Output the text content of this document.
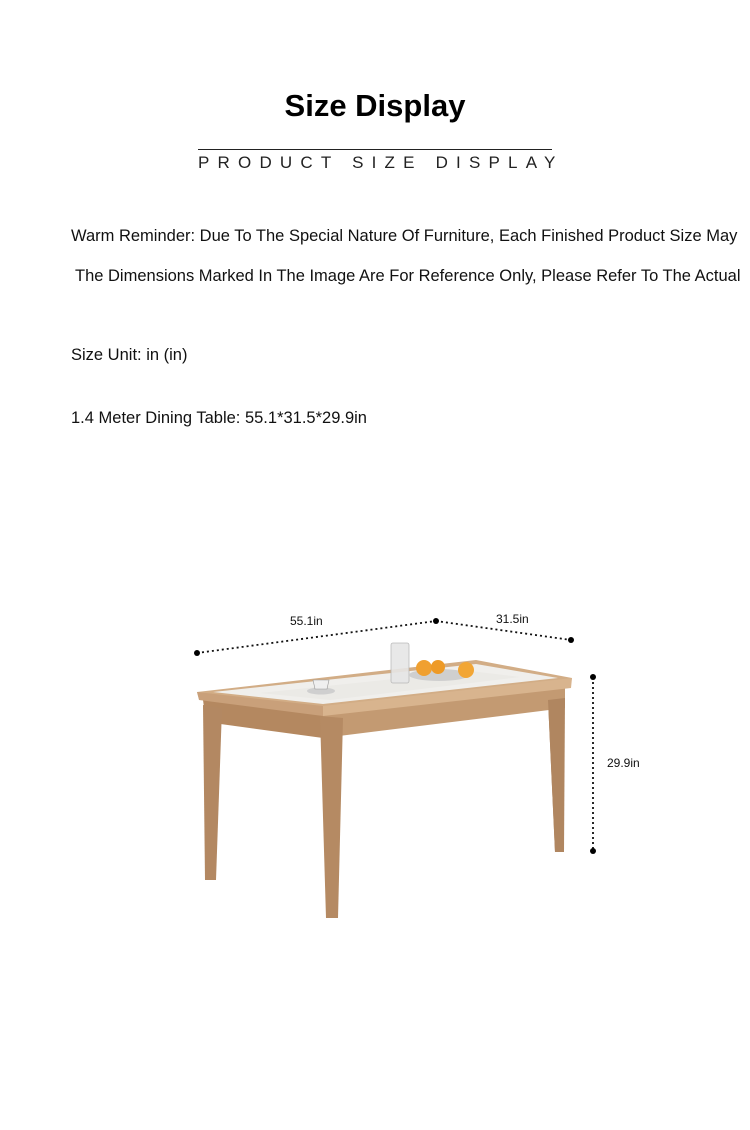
Size Display
PRODUCT SIZE DISPLAY
Warm Reminder: Due To The Special Nature Of Furniture, Each Finished Product Size May
The Dimensions Marked In The Image Are For Reference Only, Please Refer To The Actual
Size Unit: in (in)
1.4 Meter Dining Table: 55.1*31.5*29.9in
55.1in	31.5in
29.9in
